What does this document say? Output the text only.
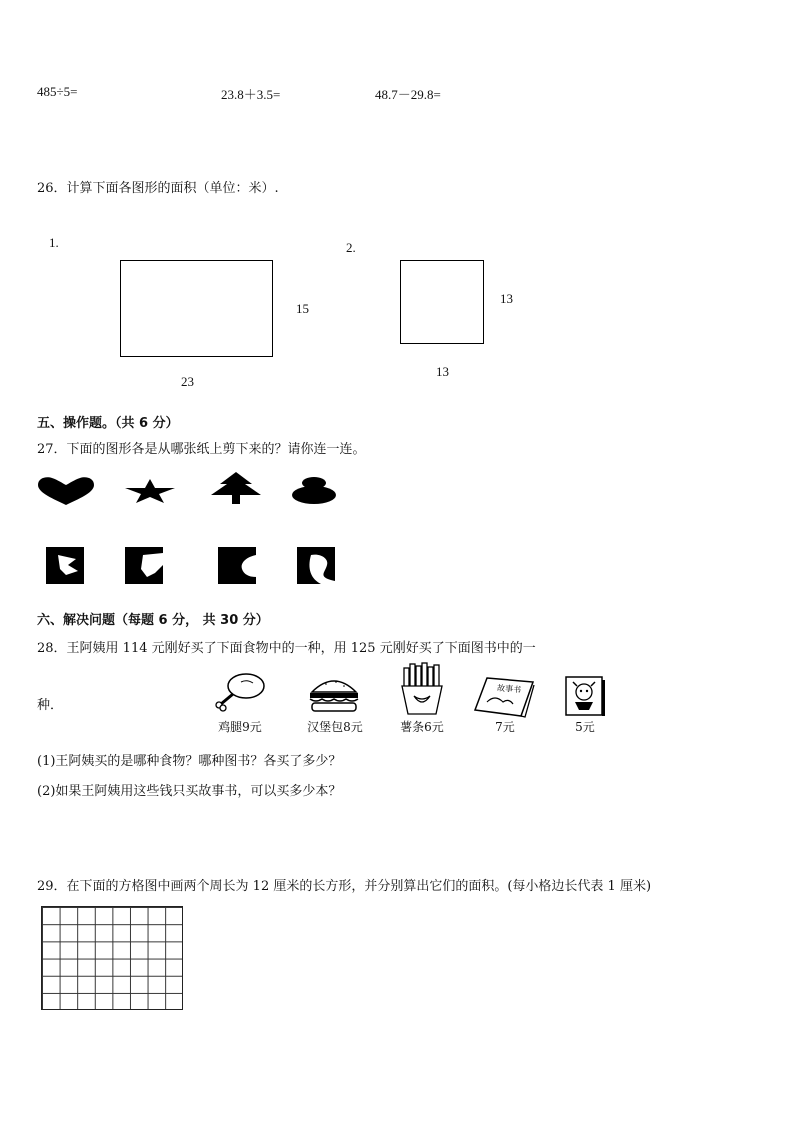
485÷5=	23.8＋3.5=	48.7－29.8=
26．计算下面各图形的面积（单位：米）.
1.
15
23
2.
13
13
五、操作题。（共 6 分）
27．下面的图形各是从哪张纸上剪下来的？请你连一连。
六、解决问题（每题 6 分， 共 30 分）
28．王阿姨用 114 元刚好买了下面食物中的一种，用 125 元刚好买了下面图书中的一
种．
故事书
鸡腿9元	汉堡包8元	薯条6元	7元	5元
(1)王阿姨买的是哪种食物？哪种图书？各买了多少？
(2)如果王阿姨用这些钱只买故事书，可以买多少本？
29．在下面的方格图中画两个周长为 12 厘米的长方形，并分别算出它们的面积。(每小格边长代表 1 厘米)
